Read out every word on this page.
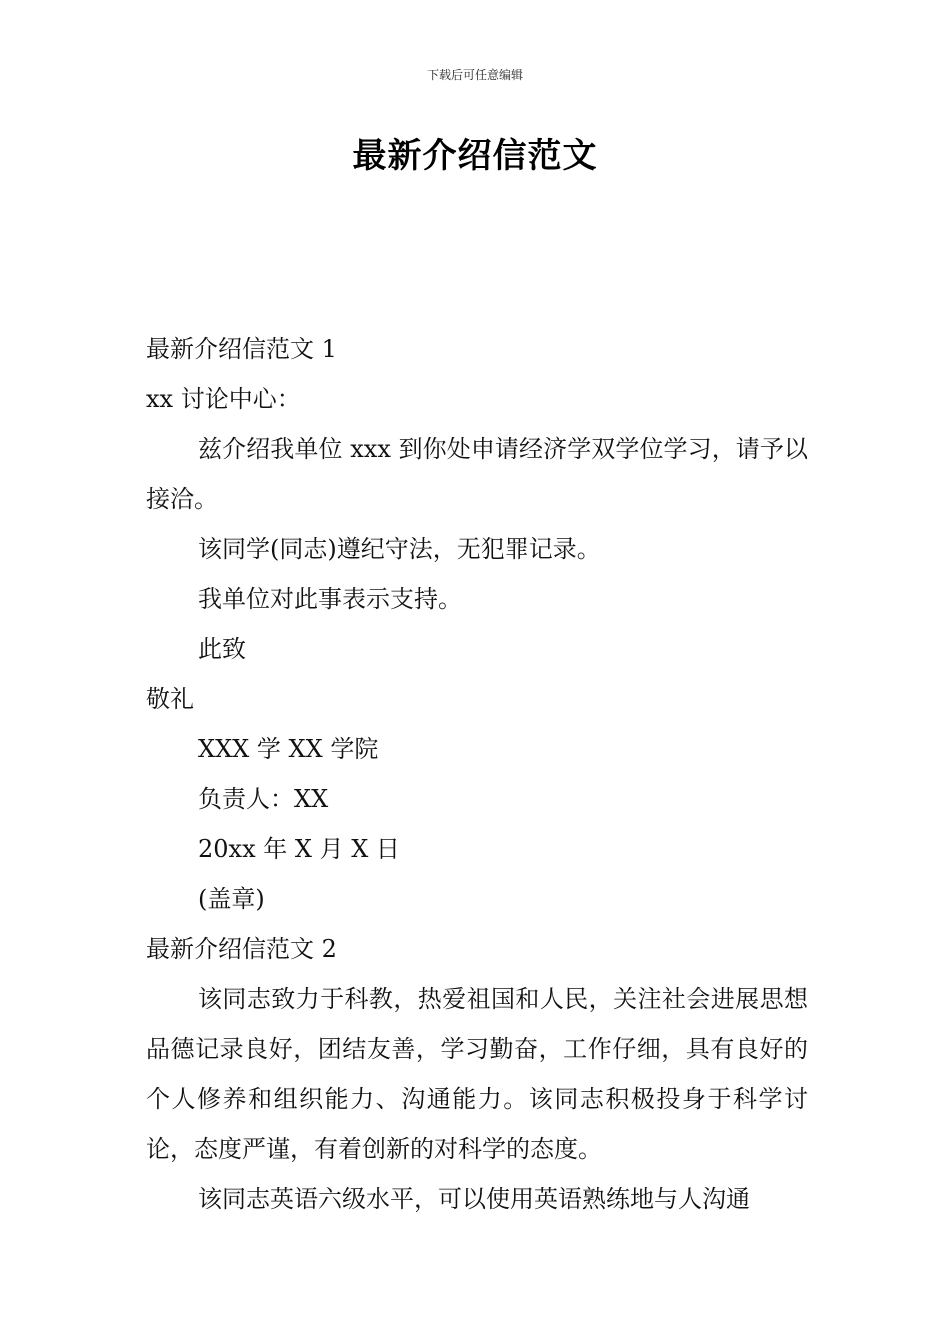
下载后可任意编辑
最新介绍信范文

最新介绍信范文 1

xx 讨论中心：

兹介绍我单位 xxx 到你处申请经济学双学位学习，请予以接洽。

该同学(同志)遵纪守法，无犯罪记录。

我单位对此事表示支持。

此致

敬礼

XXX 学 XX 学院

负责人：XX

20xx 年 X 月 X 日

(盖章)

最新介绍信范文 2

该同志致力于科教，热爱祖国和人民，关注社会进展思想品德记录良好，团结友善，学习勤奋，工作仔细，具有良好的个人修养和组织能力、沟通能力。该同志积极投身于科学讨论，态度严谨，有着创新的对科学的态度。

该同志英语六级水平，可以使用英语熟练地与人沟通
